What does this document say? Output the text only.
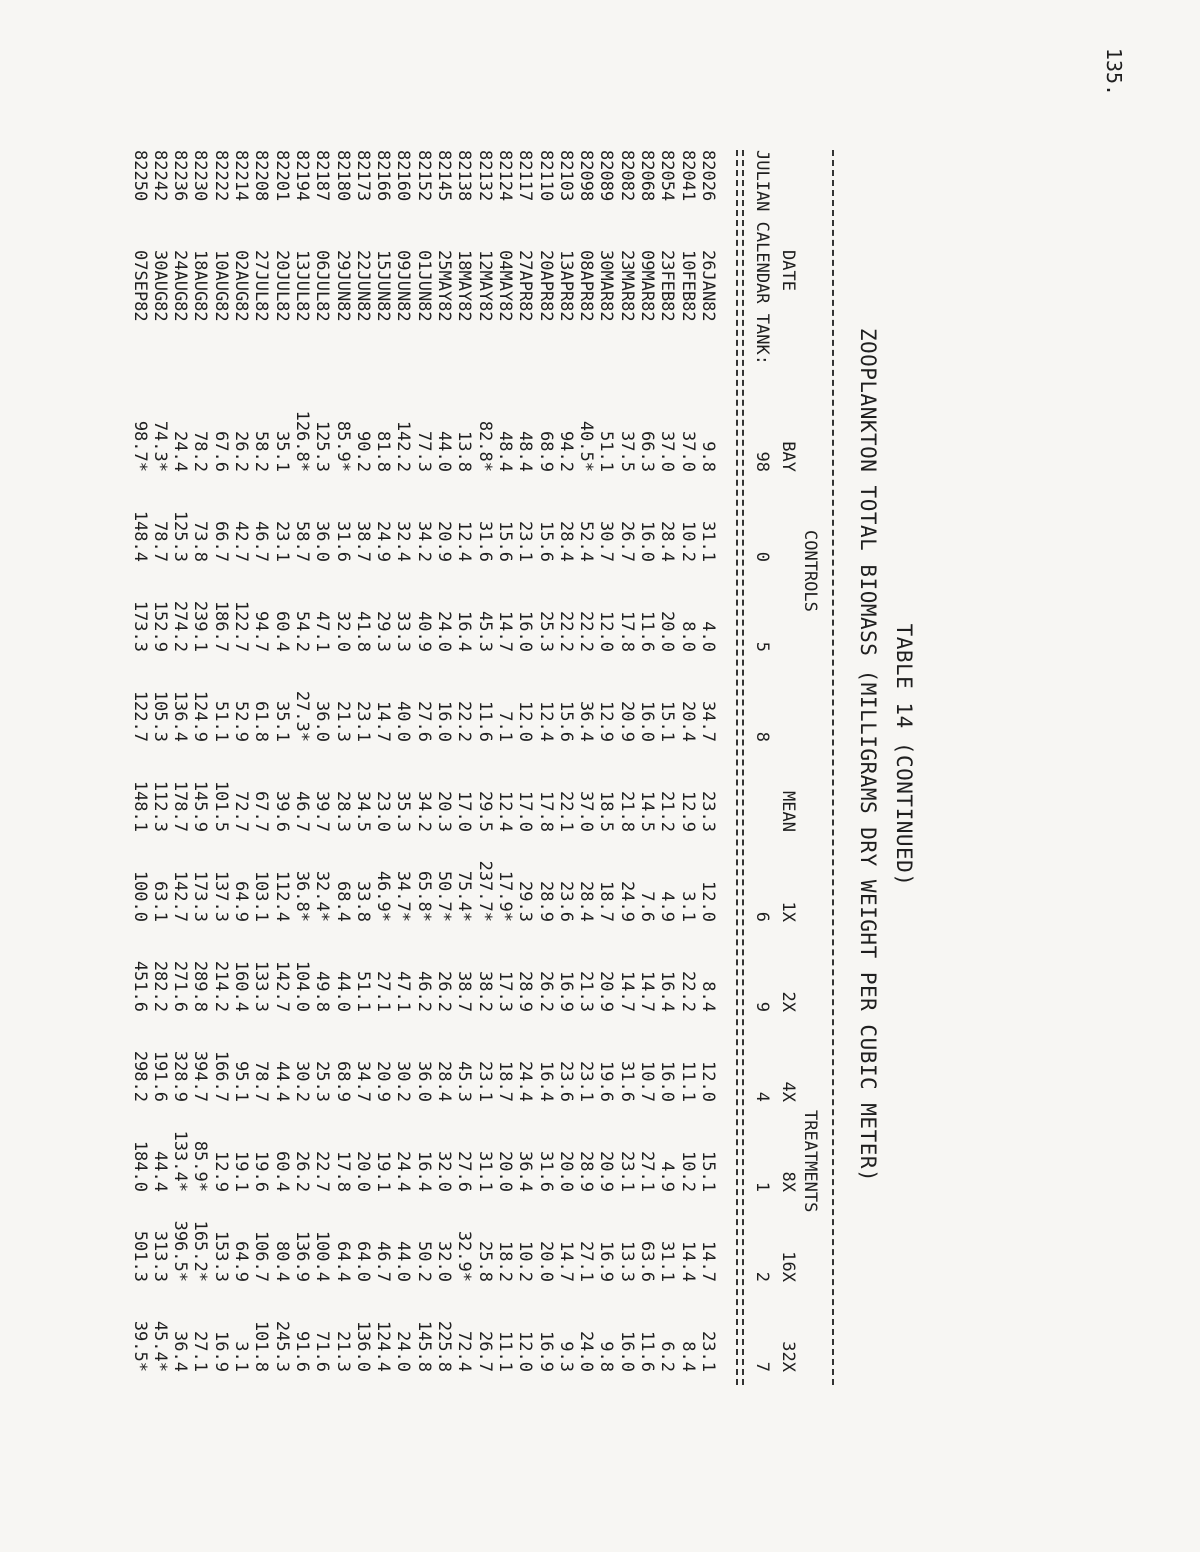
135.
TABLE 14 (CONTINUED)
ZOOPLANKTON TOTAL BIOMASS (MILLIGRAMS DRY WEIGHT PER CUBIC METER)
CONTROLS
TREATMENTS

DATE

BAY

MEAN

1X

2X

4X

8X

16X

32X

JULIAN CALENDAR TANK:

98

0

5

8

6

9

4

1

2

7

82026
26JAN82
9.8
31.1
4.0
34.7
23.3
12.0
8.4
12.0
15.1
14.7
23.1
82041
10FEB82
37.0
10.2
8.0
20.4
12.9
3.1
22.2
11.1
10.2
14.4
8.4
82054
23FEB82
37.0
28.4
20.0
15.1
21.2
4.9
16.4
16.0
4.9
31.1
6.2
82068
09MAR82
66.3
16.0
11.6
16.0
14.5
7.6
14.7
10.7
27.1
63.6
11.6
82082
23MAR82
37.5
26.7
17.8
20.9
21.8
24.9
14.7
31.6
23.1
13.3
16.0
82089
30MAR82
51.1
30.7
12.0
12.9
18.5
18.7
20.9
19.6
20.9
16.9
9.8
82098
08APR82
40.5*
52.4
22.2
36.4
37.0
28.4
21.3
23.1
28.9
27.1
24.0
82103
13APR82
94.2
28.4
22.2
15.6
22.1
23.6
16.9
23.6
20.0
14.7
9.3
82110
20APR82
68.9
15.6
25.3
12.4
17.8
28.9
26.2
16.4
31.6
20.0
16.9
82117
27APR82
48.4
23.1
16.0
12.0
17.0
29.3
28.9
24.4
36.4
10.2
12.0
82124
04MAY82
48.4
15.6
14.7
7.1
12.4
17.9*
17.3
18.7
20.0
18.2
11.1
82132
12MAY82
82.8*
31.6
45.3
11.6
29.5
237.7*
38.2
23.1
31.1
25.8
26.7
82138
18MAY82
13.8
12.4
16.4
22.2
17.0
75.4*
38.7
45.3
27.6
32.9*
72.4
82145
25MAY82
44.0
20.9
24.0
16.0
20.3
50.7*
26.2
28.4
32.0
32.0
225.8
82152
01JUN82
77.3
34.2
40.9
27.6
34.2
65.8*
46.2
36.0
16.4
50.2
145.8
82160
09JUN82
142.2
32.4
33.3
40.0
35.3
34.7*
47.1
30.2
24.4
44.0
24.0
82166
15JUN82
81.8
24.9
29.3
14.7
23.0
46.9*
27.1
20.9
19.1
46.7
124.4
82173
22JUN82
90.2
38.7
41.8
23.1
34.5
33.8
51.1
34.7
20.0
64.0
136.0
82180
29JUN82
85.9*
31.6
32.0
21.3
28.3
68.4
44.0
68.9
17.8
64.4
21.3
82187
06JUL82
125.3
36.0
47.1
36.0
39.7
32.4*
49.8
25.3
22.7
100.4
71.6
82194
13JUL82
126.8*
58.7
54.2
27.3*
46.7
36.8*
104.0
30.2
26.2
136.9
91.6
82201
20JUL82
35.1
23.1
60.4
35.1
39.6
112.4
142.7
44.4
60.4
80.4
245.3
82208
27JUL82
58.2
46.7
94.7
61.8
67.7
103.1
133.3
78.7
19.6
106.7
101.8
82214
02AUG82
26.2
42.7
122.7
52.9
72.7
64.9
160.4
95.1
19.1
64.9
3.1
82222
10AUG82
67.6
66.7
186.7
51.1
101.5
137.3
214.2
166.7
12.9
153.3
16.9
82230
18AUG82
78.2
73.8
239.1
124.9
145.9
173.3
289.8
394.7
85.9*
165.2*
27.1
82236
24AUG82
24.4
125.3
274.2
136.4
178.7
142.7
271.6
328.9
133.4*
396.5*
36.4
82242
30AUG82
74.3*
78.7
152.9
105.3
112.3
63.1
282.2
191.6
44.4
313.3
45.4*
82250
07SEP82
98.7*
148.4
173.3
122.7
148.1
100.0
451.6
298.2
184.0
501.3
39.5*
